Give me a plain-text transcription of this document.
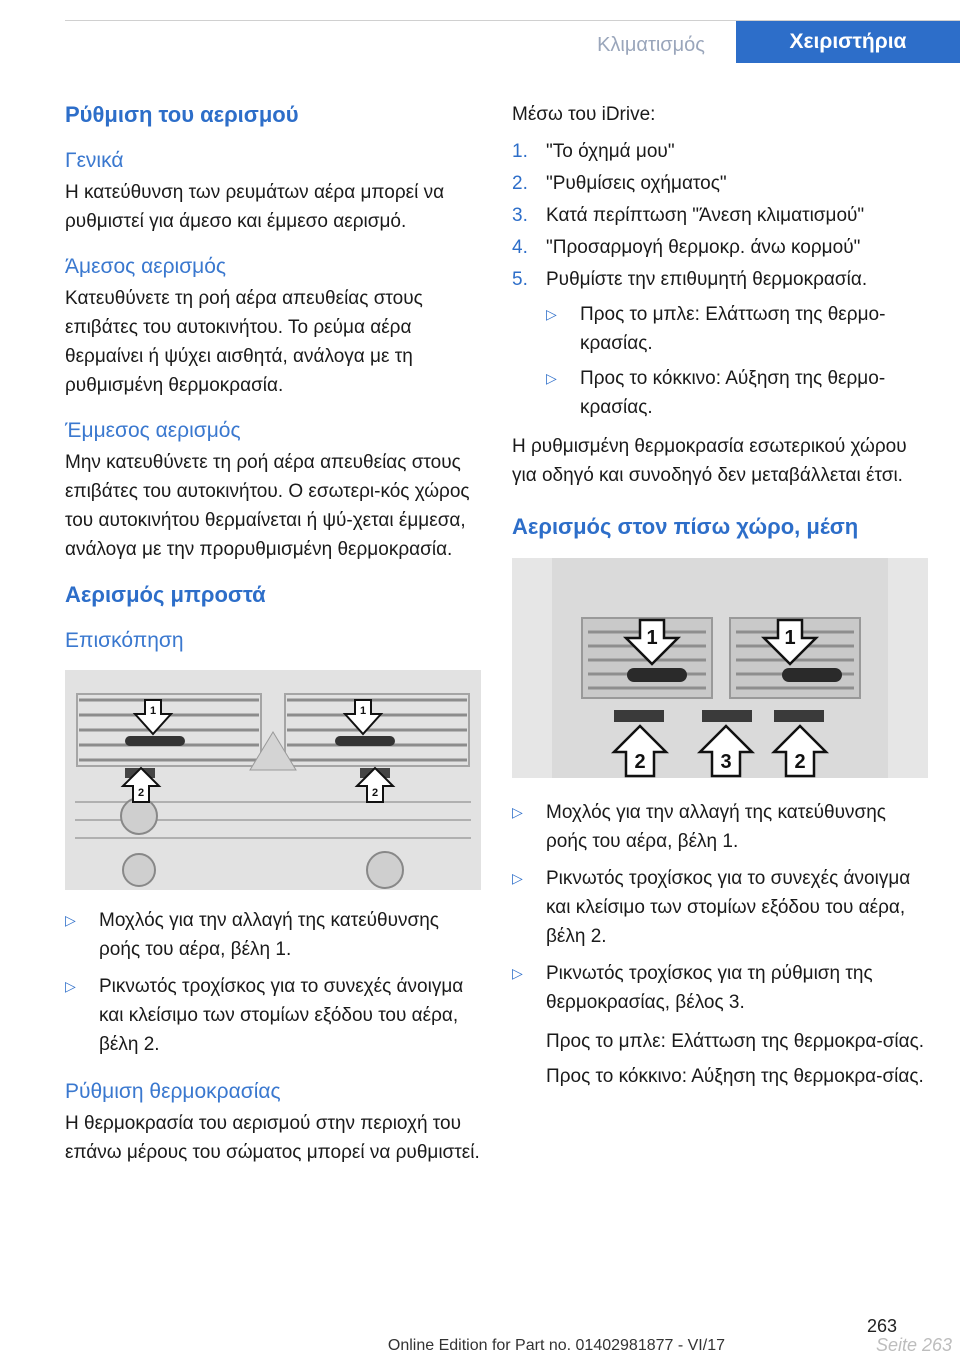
Κλιματισμός	Χειριστήρια
Ρύθμιση του αερισμού
Γενικά
Η κατεύθυνση των ρευμάτων αέρα μπορεί να ρυθμιστεί για άμεσο και έμμεσο αερισμό.
Άμεσος αερισμός
Κατευθύνετε τη ροή αέρα απευθείας στους επιβάτες του αυτοκινήτου. Το ρεύμα αέρα θερμαίνει ή ψύχει αισθητά, ανάλογα με τη ρυθμισμένη θερμοκρασία.
Έμμεσος αερισμός
Μην κατευθύνετε τη ροή αέρα απευθείας στους επιβάτες του αυτοκινήτου. Ο εσωτερι‐κός χώρος του αυτοκινήτου θερμαίνεται ή ψύ‐χεται έμμεσα, ανάλογα με την προρυθμισμένη θερμοκρασία.
Αερισμός μπροστά
Επισκόπηση
1	1
2	2
▷	Μοχλός για την αλλαγή της κατεύθυνσης ροής του αέρα, βέλη 1.
▷	Ρικνωτός τροχίσκος για το συνεχές άνοιγμα και κλείσιμο των στομίων εξόδου του αέρα, βέλη 2.
Ρύθμιση θερμοκρασίας
Η θερμοκρασία του αερισμού στην περιοχή του επάνω μέρους του σώματος μπορεί να ρυθμιστεί.
Μέσω του iDrive:
1. "Το όχημά μου"
2. "Ρυθμίσεις οχήματος"
3. Κατά περίπτωση "Άνεση κλιματισμού"
4. "Προσαρμογή θερμοκρ. άνω κορμού"
5. Ρυθμίστε την επιθυμητή θερμοκρασία.
▷	Προς το μπλε: Ελάττωση της θερμο‐κρασίας.
▷	Προς το κόκκινο: Αύξηση της θερμο‐κρασίας.
Η ρυθμισμένη θερμοκρασία εσωτερικού χώρου για οδηγό και συνοδηγό δεν μεταβάλλεται έτσι.
Αερισμός στον πίσω χώρο, μέση
1	1
2	3	2
▷	Μοχλός για την αλλαγή της κατεύθυνσης ροής του αέρα, βέλη 1.
▷	Ρικνωτός τροχίσκος για το συνεχές άνοιγμα και κλείσιμο των στομίων εξόδου του αέρα, βέλη 2.
▷	Ρικνωτός τροχίσκος για τη ρύθμιση της θερμοκρασίας, βέλος 3.
Προς το μπλε: Ελάττωση της θερμοκρα‐σίας.
Προς το κόκκινο: Αύξηση της θερμοκρα‐σίας.
263
Online Edition for Part no. 01402981877 - VI/17	Seite 263
